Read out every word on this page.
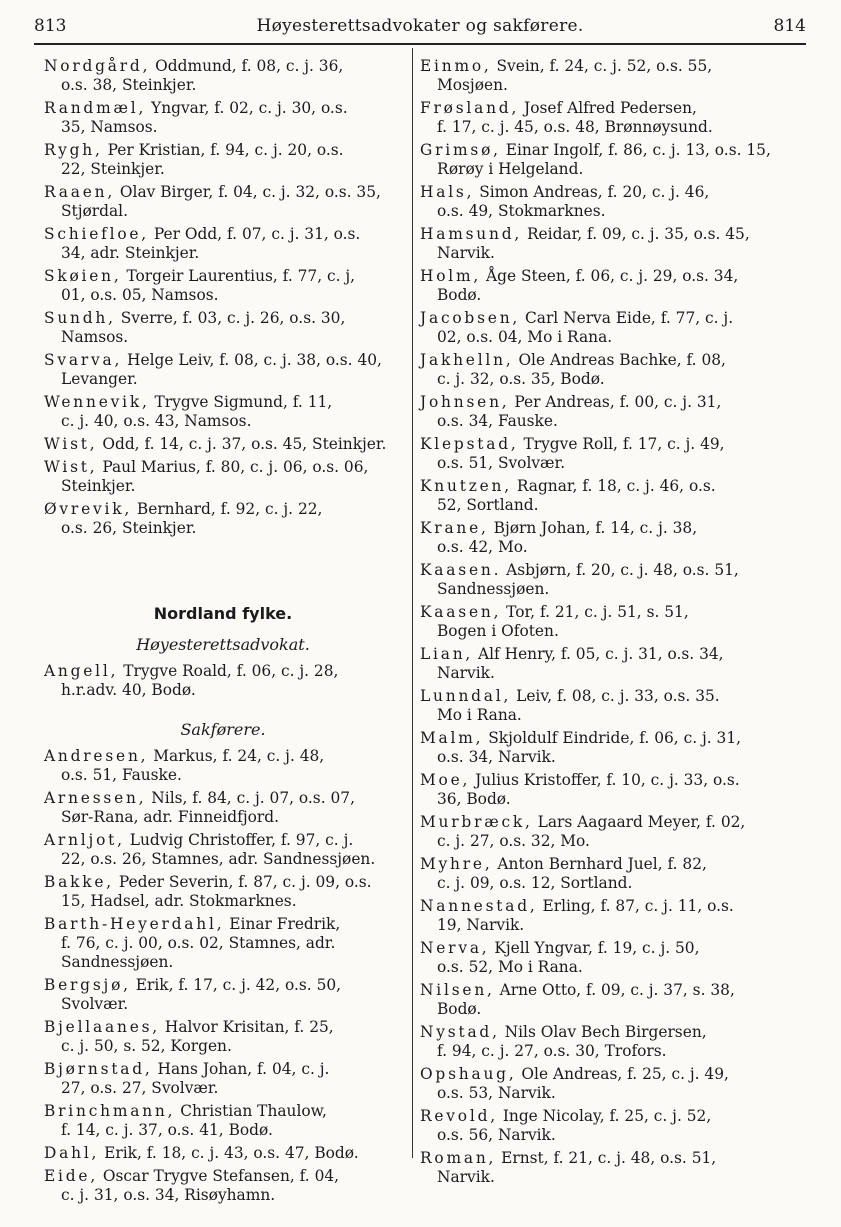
813	Høyesterettsadvokater og sakførere.	814
Nordgård, Oddmund, f. 08, c. j. 36,
o.s. 38, Steinkjer.
Randmæl, Yngvar, f. 02, c. j. 30, o.s.
35, Namsos.
Rygh, Per Kristian, f. 94, c. j. 20, o.s.
22, Steinkjer.
Raaen, Olav Birger, f. 04, c. j. 32, o.s. 35,
Stjørdal.
Schiefloe, Per Odd, f. 07, c. j. 31, o.s.
34, adr. Steinkjer.
Skøien, Torgeir Laurentius, f. 77, c. j,
01, o.s. 05, Namsos.
Sundh, Sverre, f. 03, c. j. 26, o.s. 30,
Namsos.
Svarva, Helge Leiv, f. 08, c. j. 38, o.s. 40,
Levanger.
Wennevik, Trygve Sigmund, f. 11,
c. j. 40, o.s. 43, Namsos.
Wist, Odd, f. 14, c. j. 37, o.s. 45, Steinkjer.
Wist, Paul Marius, f. 80, c. j. 06, o.s. 06,
Steinkjer.
Øvrevik, Bernhard, f. 92, c. j. 22,
o.s. 26, Steinkjer.
Nordland fylke.
Høyesterettsadvokat.
Angell, Trygve Roald, f. 06, c. j. 28,
h.r.adv. 40, Bodø.
Sakførere.
Andresen, Markus, f. 24, c. j. 48,
o.s. 51, Fauske.
Arnessen, Nils, f. 84, c. j. 07, o.s. 07,
Sør-Rana, adr. Finneidfjord.
Arnljot, Ludvig Christoffer, f. 97, c. j.
22, o.s. 26, Stamnes, adr. Sandnessjøen.
Bakke, Peder Severin, f. 87, c. j. 09, o.s.
15, Hadsel, adr. Stokmarknes.
Barth-Heyerdahl, Einar Fredrik,
f. 76, c. j. 00, o.s. 02, Stamnes, adr. Sandnessjøen.
Bergsjø, Erik, f. 17, c. j. 42, o.s. 50,
Svolvær.
Bjellaanes, Halvor Krisitan, f. 25,
c. j. 50, s. 52, Korgen.
Bjørnstad, Hans Johan, f. 04, c. j.
27, o.s. 27, Svolvær.
Brinchmann, Christian Thaulow,
f. 14, c. j. 37, o.s. 41, Bodø.
Dahl, Erik, f. 18, c. j. 43, o.s. 47, Bodø.
Eide, Oscar Trygve Stefansen, f. 04,
c. j. 31, o.s. 34, Risøyhamn.
Einmo, Svein, f. 24, c. j. 52, o.s. 55,
Mosjøen.
Frøsland, Josef Alfred Pedersen,
f. 17, c. j. 45, o.s. 48, Brønnøysund.
Grimsø, Einar Ingolf, f. 86, c. j. 13, o.s. 15,
Rørøy i Helgeland.
Hals, Simon Andreas, f. 20, c. j. 46,
o.s. 49, Stokmarknes.
Hamsund, Reidar, f. 09, c. j. 35, o.s. 45,
Narvik.
Holm, Åge Steen, f. 06, c. j. 29, o.s. 34,
Bodø.
Jacobsen, Carl Nerva Eide, f. 77, c. j.
02, o.s. 04, Mo i Rana.
Jakhelln, Ole Andreas Bachke, f. 08,
c. j. 32, o.s. 35, Bodø.
Johnsen, Per Andreas, f. 00, c. j. 31,
o.s. 34, Fauske.
Klepstad, Trygve Roll, f. 17, c. j. 49,
o.s. 51, Svolvær.
Knutzen, Ragnar, f. 18, c. j. 46, o.s.
52, Sortland.
Krane, Bjørn Johan, f. 14, c. j. 38,
o.s. 42, Mo.
Kaasen. Asbjørn, f. 20, c. j. 48, o.s. 51,
Sandnessjøen.
Kaasen, Tor, f. 21, c. j. 51, s. 51,
Bogen i Ofoten.
Lian, Alf Henry, f. 05, c. j. 31, o.s. 34,
Narvik.
Lunndal, Leiv, f. 08, c. j. 33, o.s. 35.
Mo i Rana.
Malm, Skjoldulf Eindride, f. 06, c. j. 31,
o.s. 34, Narvik.
Moe, Julius Kristoffer, f. 10, c. j. 33, o.s.
36, Bodø.
Murbræck, Lars Aagaard Meyer, f. 02,
c. j. 27, o.s. 32, Mo.
Myhre, Anton Bernhard Juel, f. 82,
c. j. 09, o.s. 12, Sortland.
Nannestad, Erling, f. 87, c. j. 11, o.s.
19, Narvik.
Nerva, Kjell Yngvar, f. 19, c. j. 50,
o.s. 52, Mo i Rana.
Nilsen, Arne Otto, f. 09, c. j. 37, s. 38,
Bodø.
Nystad, Nils Olav Bech Birgersen,
f. 94, c. j. 27, o.s. 30, Trofors.
Opshaug, Ole Andreas, f. 25, c. j. 49,
o.s. 53, Narvik.
Revold, Inge Nicolay, f. 25, c. j. 52,
o.s. 56, Narvik.
Roman, Ernst, f. 21, c. j. 48, o.s. 51,
Narvik.
